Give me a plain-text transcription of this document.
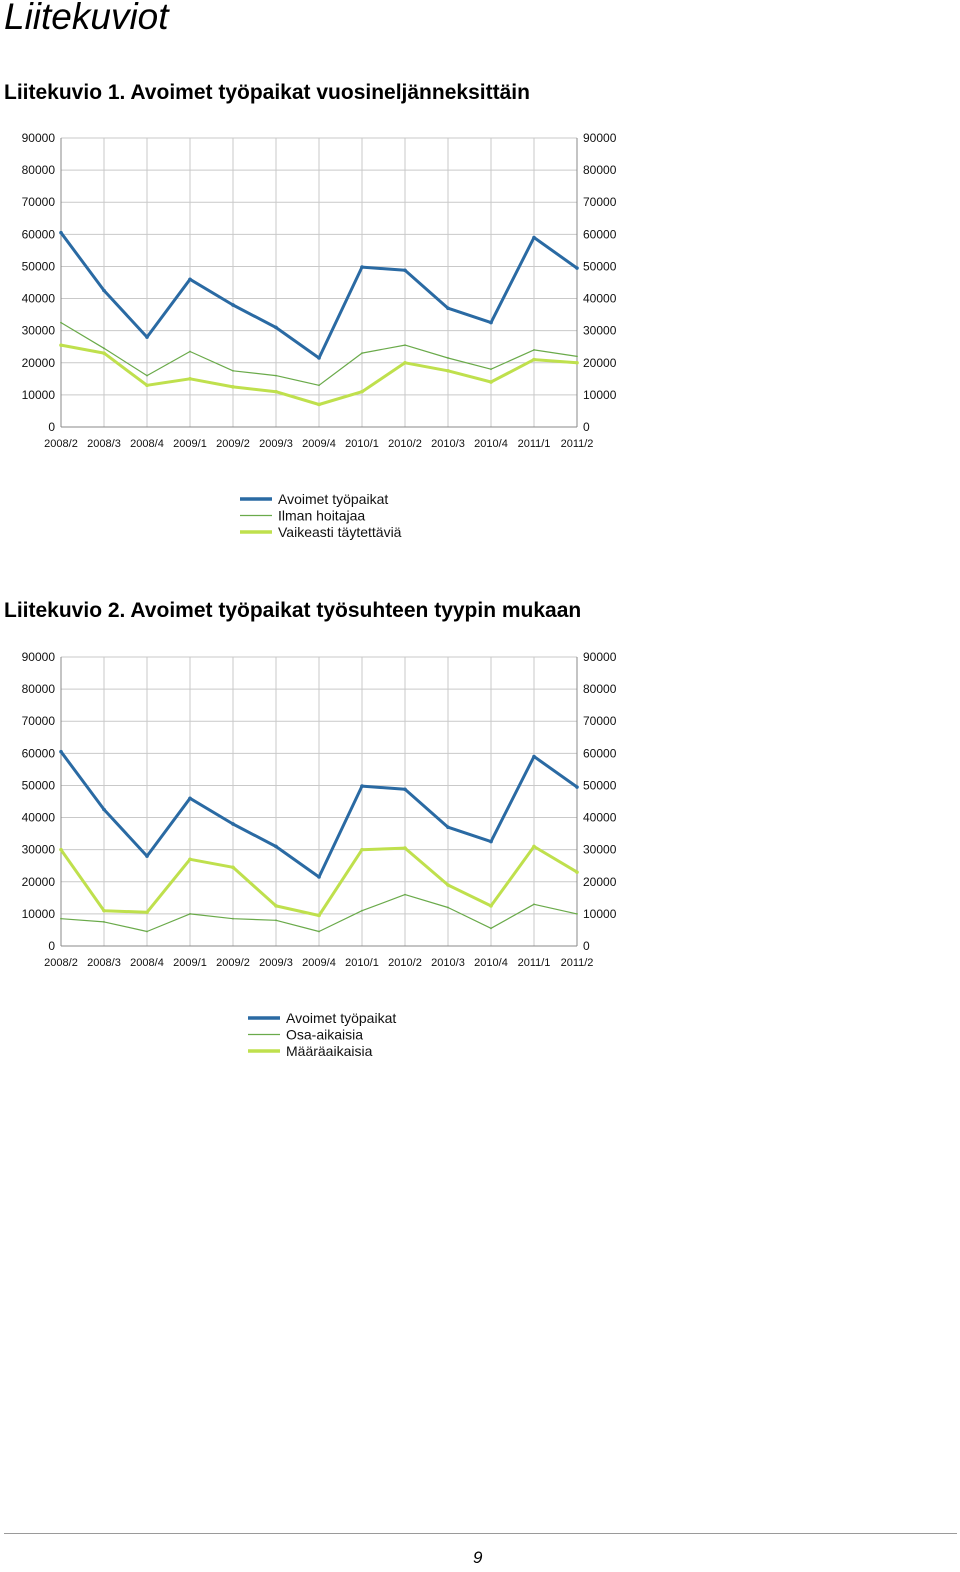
Liitekuviot
Liitekuvio 1. Avoimet työpaikat vuosineljänneksittäin
90000	90000
80000	80000
70000	70000
60000	60000
50000	50000
40000	40000
30000	30000
20000	20000
10000	10000
0	0
2008/2 2008/3 2008/4 2009/1 2009/2 2009/3 2009/4 2010/1 2010/2 2010/3 2010/4 2011/1 2011/2
Avoimet työpaikat
Ilman hoitajaa
Vaikeasti täytettäviä
Liitekuvio 2. Avoimet työpaikat työsuhteen tyypin mukaan
90000	90000
80000	80000
70000	70000
60000	60000
50000	50000
40000	40000
30000	30000
20000	20000
10000	10000
0	0
2008/2 2008/3 2008/4 2009/1 2009/2 2009/3 2009/4 2010/1 2010/2 2010/3 2010/4 2011/1 2011/2
Avoimet työpaikat
Osa-aikaisia
Määräaikaisia
9
